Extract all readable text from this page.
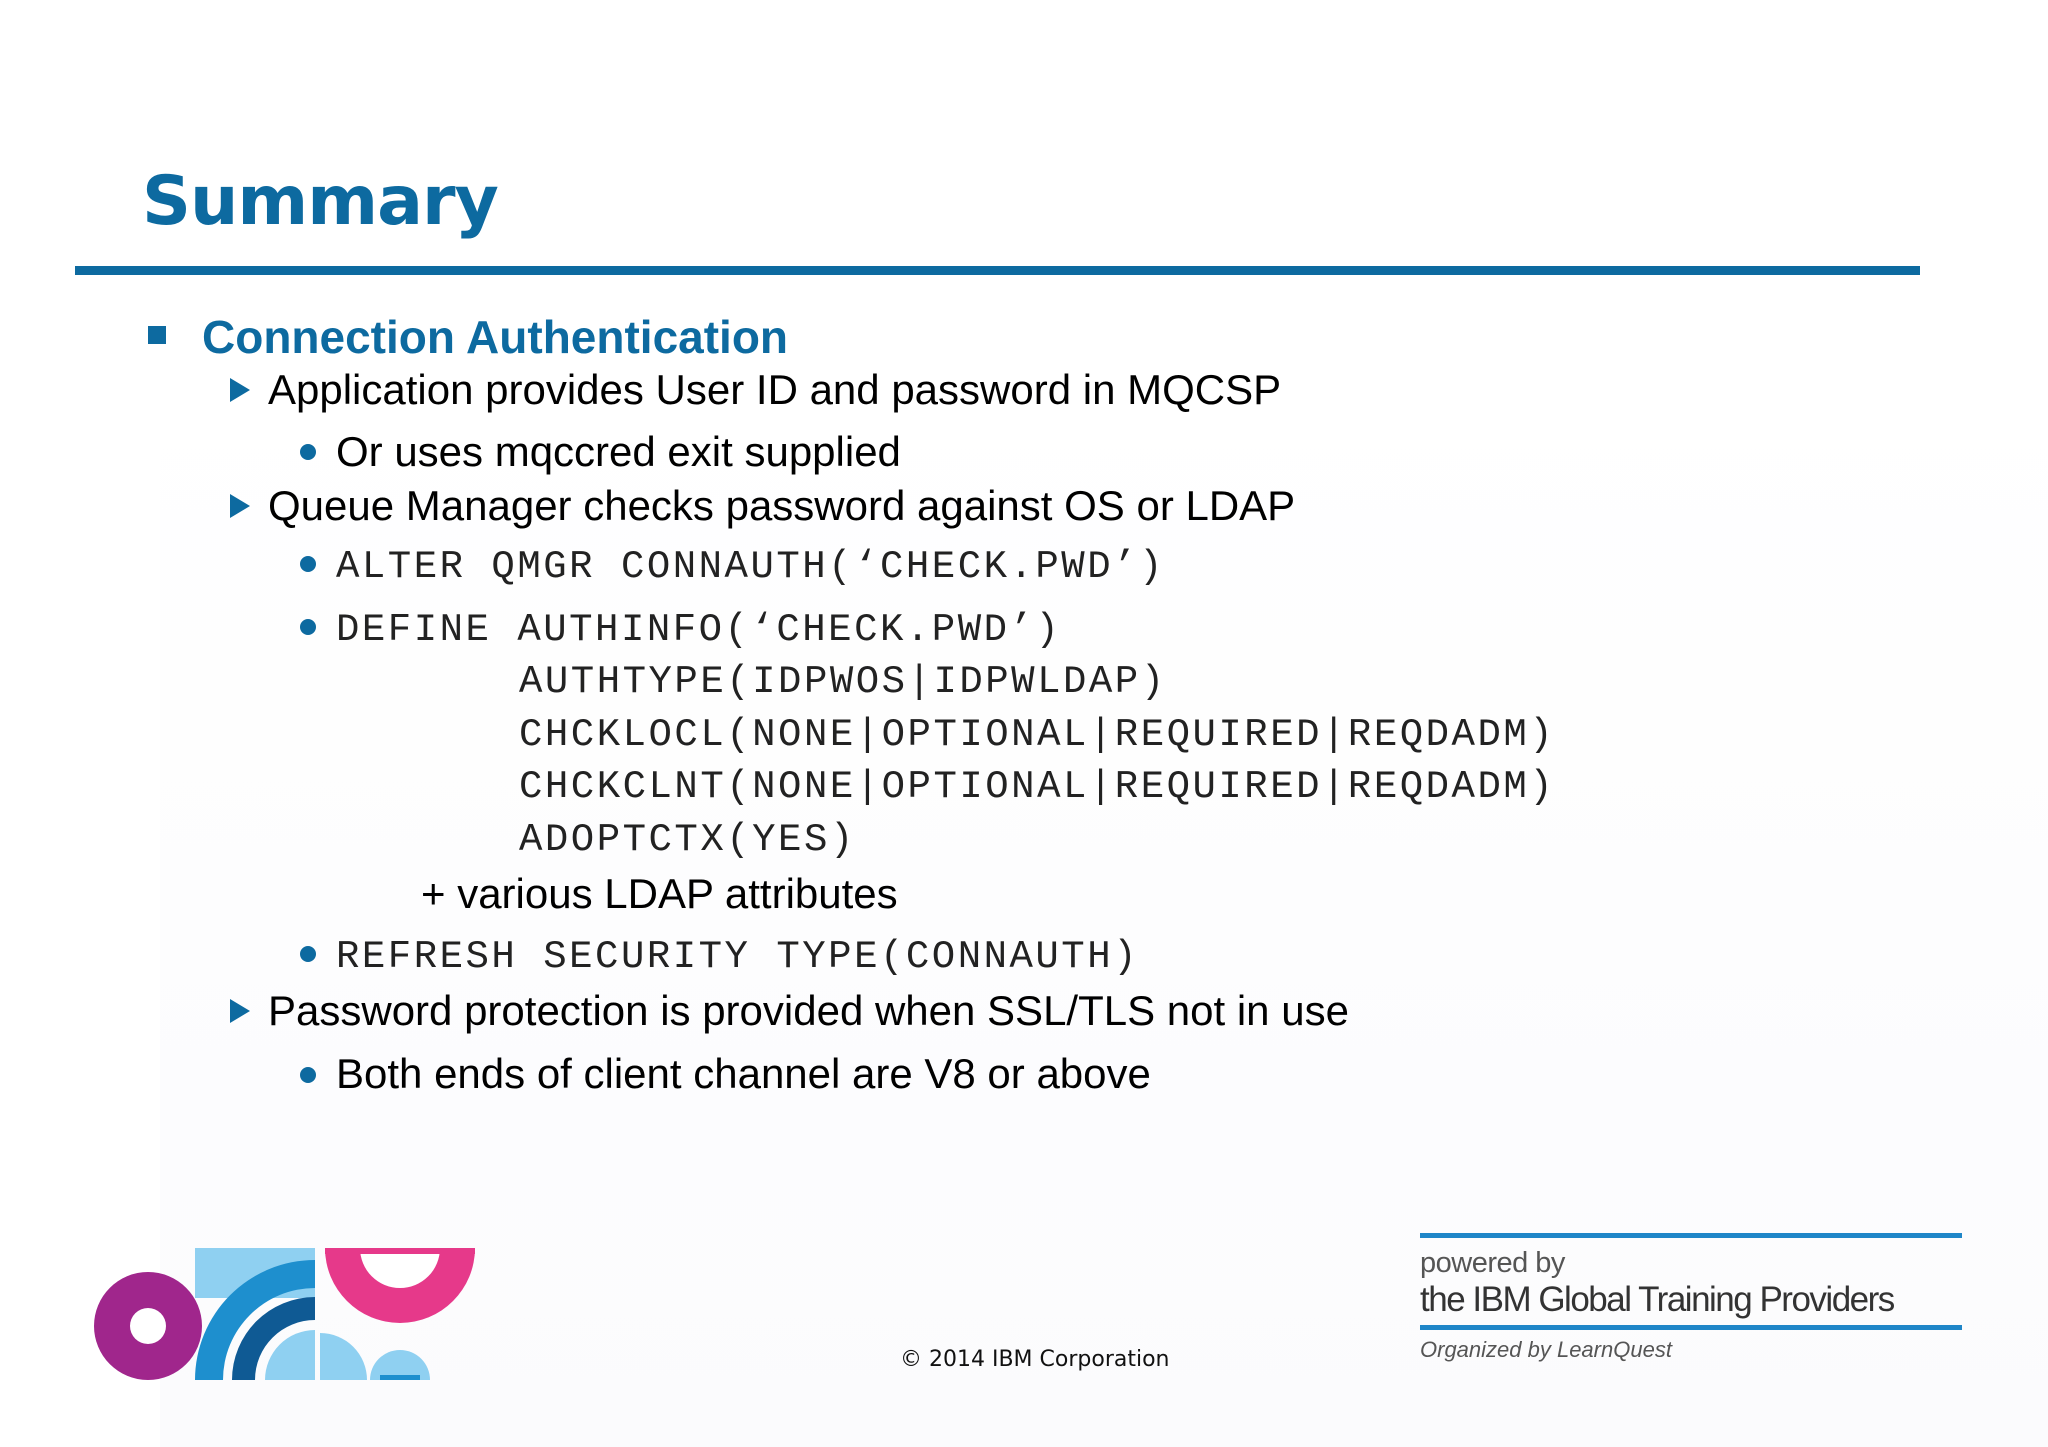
Summary
Connection Authentication
Application provides User ID and password in MQCSP
Or uses mqccred exit supplied
Queue Manager checks password against OS or LDAP
ALTER QMGR CONNAUTH(‘CHECK.PWD’)
DEFINE AUTHINFO(‘CHECK.PWD’)
AUTHTYPE(IDPWOS|IDPWLDAP)
CHCKLOCL(NONE|OPTIONAL|REQUIRED|REQDADM)
CHCKCLNT(NONE|OPTIONAL|REQUIRED|REQDADM)
ADOPTCTX(YES)
+ various LDAP attributes
REFRESH SECURITY TYPE(CONNAUTH)
Password protection is provided when SSL/TLS not in use
Both ends of client channel are V8 or above
© 2014 IBM Corporation
powered by
the IBM Global Training Providers
Organized by LearnQuest
